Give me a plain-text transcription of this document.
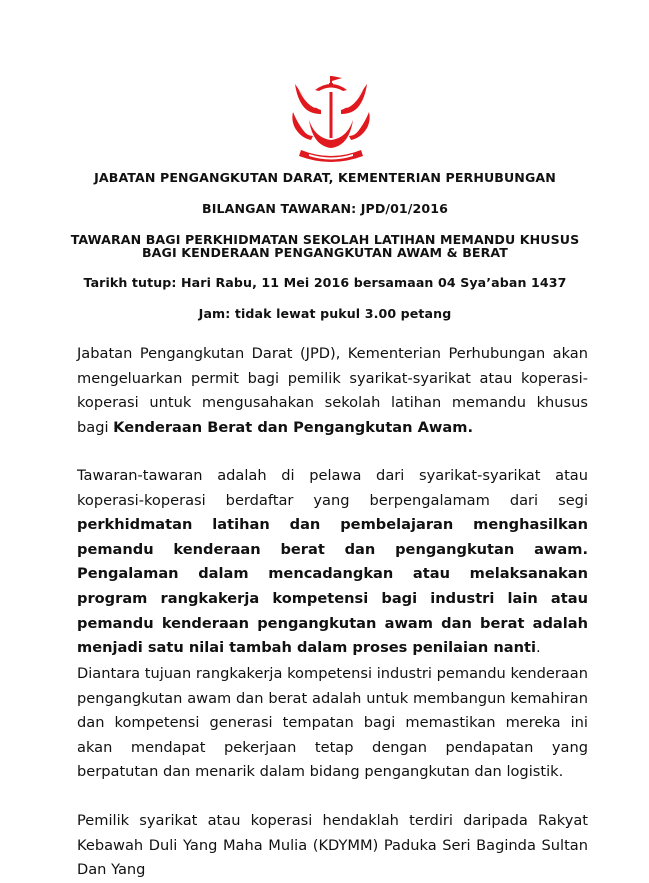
JABATAN PENGANGKUTAN DARAT, KEMENTERIAN PERHUBUNGAN
BILANGAN TAWARAN: JPD/01/2016
TAWARAN BAGI PERKHIDMATAN SEKOLAH LATIHAN MEMANDU KHUSUS
BAGI KENDERAAN PENGANGKUTAN AWAM & BERAT
Tarikh tutup: Hari Rabu, 11 Mei 2016 bersamaan 04 Sya’aban 1437
Jam: tidak lewat pukul 3.00 petang
Jabatan Pengangkutan Darat (JPD), Kementerian Perhubungan akan mengeluarkan permit bagi pemilik syarikat-syarikat atau koperasi-koperasi untuk mengusahakan sekolah latihan memandu khusus bagi Kenderaan Berat dan Pengangkutan Awam.
Tawaran-tawaran adalah di pelawa dari syarikat-syarikat atau koperasi-koperasi berdaftar yang berpengalamam dari segi perkhidmatan latihan dan pembelajaran menghasilkan pemandu kenderaan berat dan pengangkutan awam. Pengalaman dalam mencadangkan atau melaksanakan program rangkakerja kompetensi bagi industri lain atau pemandu kenderaan pengangkutan awam dan berat adalah menjadi satu nilai tambah dalam proses penilaian nanti.
Diantara tujuan rangkakerja kompetensi industri pemandu kenderaan pengangkutan awam dan berat adalah untuk membangun kemahiran dan kompetensi generasi tempatan bagi memastikan mereka ini akan mendapat pekerjaan tetap dengan pendapatan yang berpatutan dan menarik dalam bidang pengangkutan dan logistik.
Pemilik syarikat atau koperasi hendaklah terdiri daripada Rakyat Kebawah Duli Yang Maha Mulia (KDYMM) Paduka Seri Baginda Sultan Dan Yang
